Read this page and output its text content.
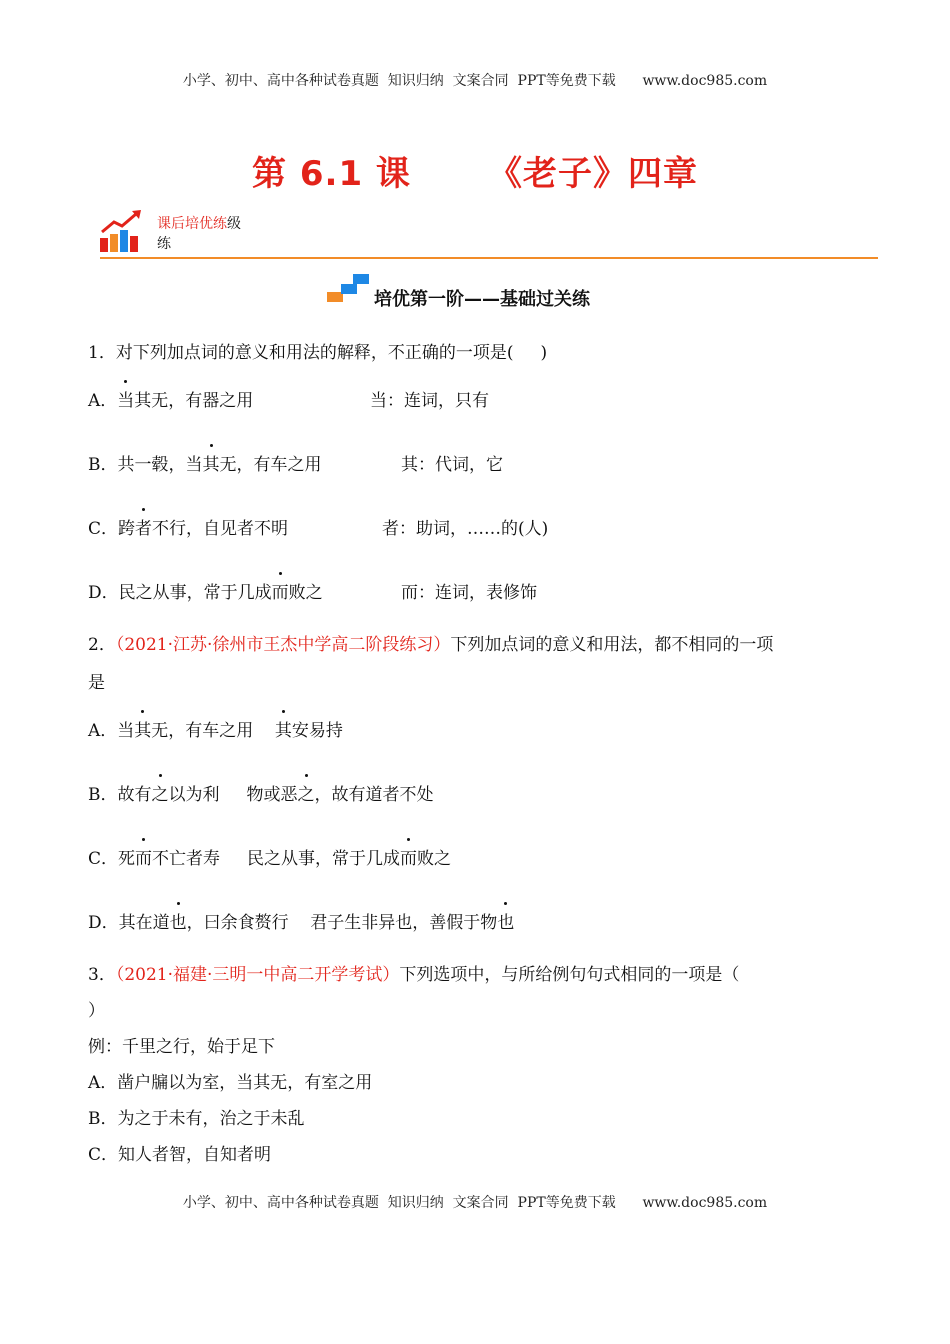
小学、初中、高中各种试卷真题  知识归纳  文案合同  PPT等免费下载      www.doc985.com
第 6.1 课      《老子》四章
课后培优练级
练
培优第一阶——基础过关练
1．对下列加点词的意义和用法的解释，不正确的一项是(     )
A．当其无，有器之用	当：连词，只有
B．共一毂，当其无，有车之用	其：代词，它
C．跨者不行，自见者不明	者：助词，……的(人)
D．民之从事，常于几成而败之	而：连词，表修饰
2．（2021·江苏·徐州市王杰中学高二阶段练习）下列加点词的意义和用法，都不相同的一项
是
A．当其无，有车之用    其安易持
B．故有之以为利     物或恶之，故有道者不处
C．死而不亡者寿     民之从事，常于几成而败之
D．其在道也，曰余食赘行    君子生非异也，善假于物也
3．（2021·福建·三明一中高二开学考试）下列选项中，与所给例句句式相同的一项是（
）
例：千里之行，始于足下
A．凿户牖以为室，当其无，有室之用
B．为之于未有，治之于未乱
C．知人者智，自知者明
小学、初中、高中各种试卷真题  知识归纳  文案合同  PPT等免费下载      www.doc985.com
